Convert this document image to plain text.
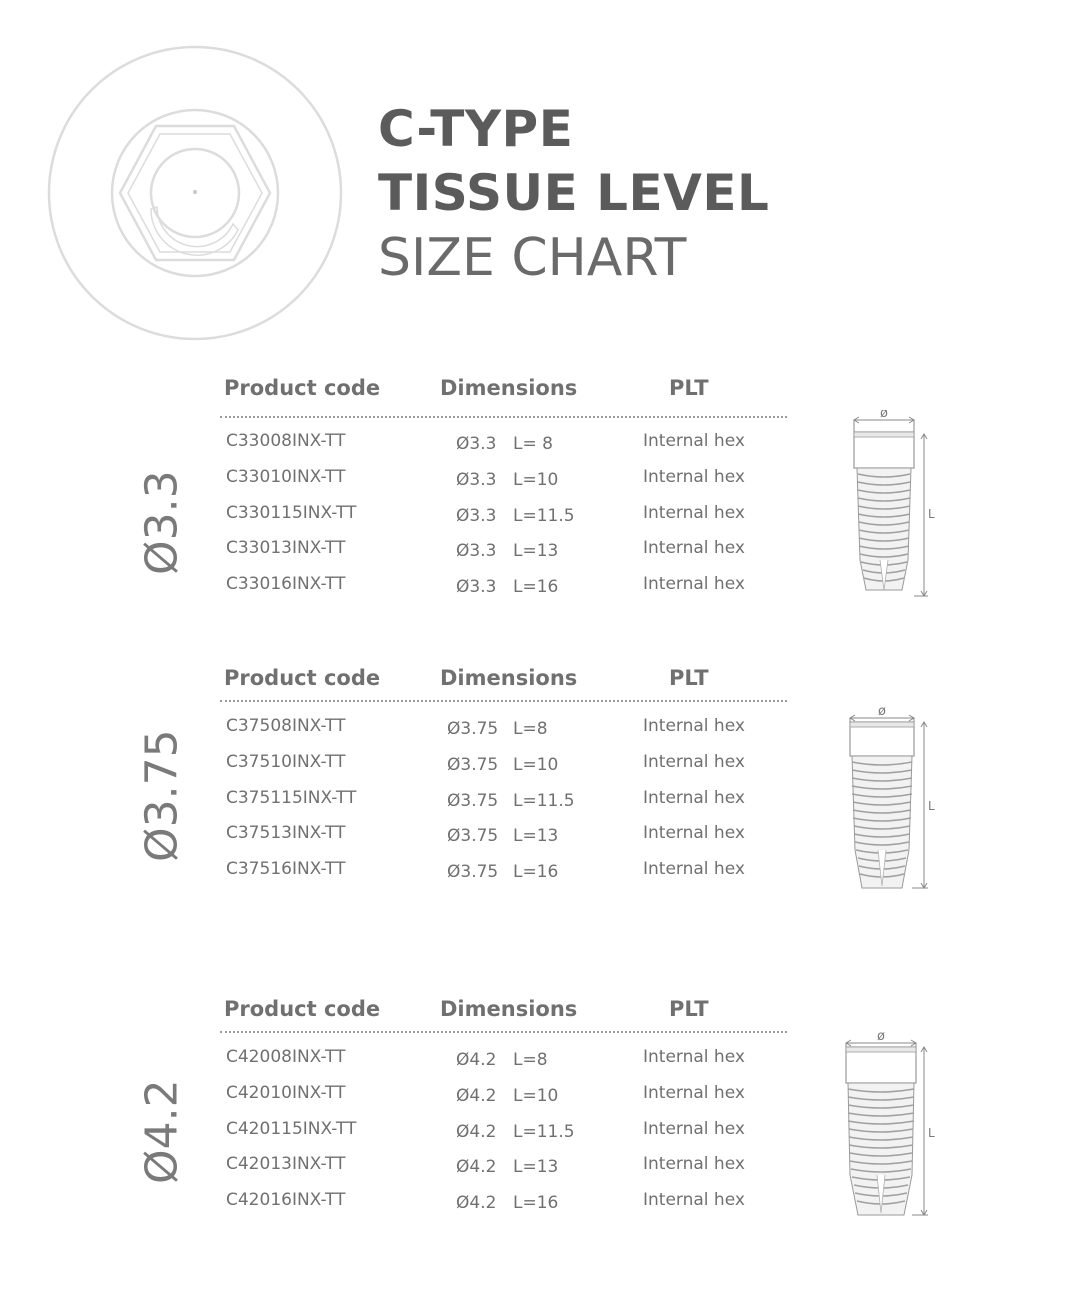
C-TYPE
TISSUE LEVEL
SIZE CHART
Ø3.3
Product code	Dimensions	PLT
C33008INX-TT	Ø3.3 L= 8	Internal hex
C33010INX-TT	Ø3.3 L=10	Internal hex
C330115INX-TT	Ø3.3 L=11.5	Internal hex
C33013INX-TT	Ø3.3 L=13	Internal hex
C33016INX-TT	Ø3.3 L=16	Internal hex
ø
L
Ø3.75
Product code	Dimensions	PLT
C37508INX-TT	Ø3.75 L=8	Internal hex
C37510INX-TT	Ø3.75 L=10	Internal hex
C375115INX-TT	Ø3.75 L=11.5	Internal hex
C37513INX-TT	Ø3.75 L=13	Internal hex
C37516INX-TT	Ø3.75 L=16	Internal hex
ø
L
Ø4.2
Product code	Dimensions	PLT
C42008INX-TT	Ø4.2 L=8	Internal hex
C42010INX-TT	Ø4.2 L=10	Internal hex
C420115INX-TT	Ø4.2 L=11.5	Internal hex
C42013INX-TT	Ø4.2 L=13	Internal hex
C42016INX-TT	Ø4.2 L=16	Internal hex
ø
L
